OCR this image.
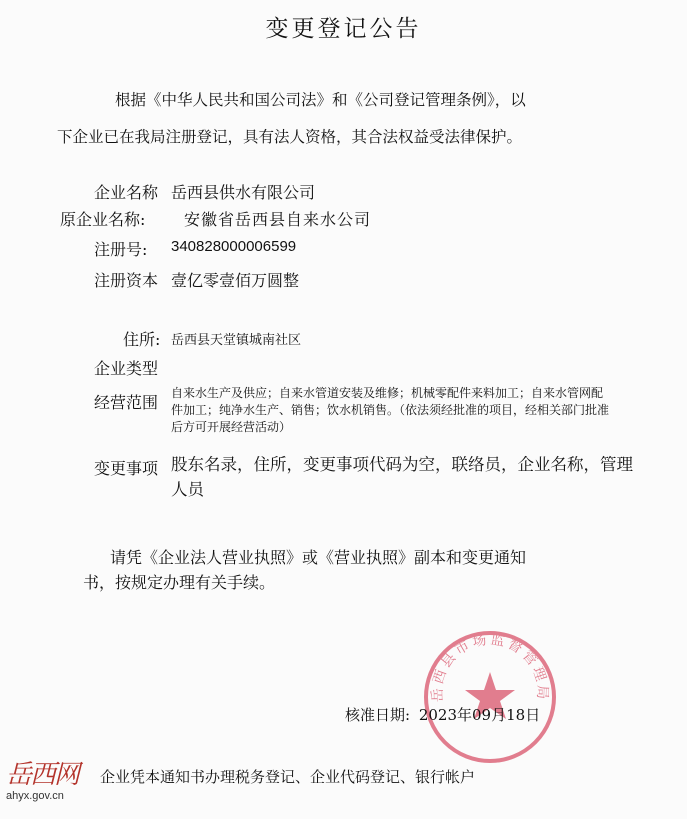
变更登记公告
根据《中华人民共和国公司法》和《公司登记管理条例》，以
下企业已在我局注册登记，具有法人资格，其合法权益受法律保护。
企业名称 岳西县供水有限公司
原企业名称: 安徽省岳西县自来水公司
注册号: 340828000006599
注册资本 壹亿零壹佰万圆整
住所: 岳西县天堂镇城南社区
企业类型
经营范围 自来水生产及供应；自来水管道安装及维修；机械零配件来料加工；自来水管网配件加工；纯净水生产、销售；饮水机销售。（依法须经批准的项目，经相关部门批准后方可开展经营活动）
变更事项 股东名录，住所，变更事项代码为空，联络员，企业名称，管理人员
请凭《企业法人营业执照》或《营业执照》副本和变更通知
书，按规定办理有关手续。
岳西县市场监督管理局
核准日期: 2023年09月18日
企业凭本通知书办理税务登记、企业代码登记、银行帐户
岳西网
ahyx.gov.cn
